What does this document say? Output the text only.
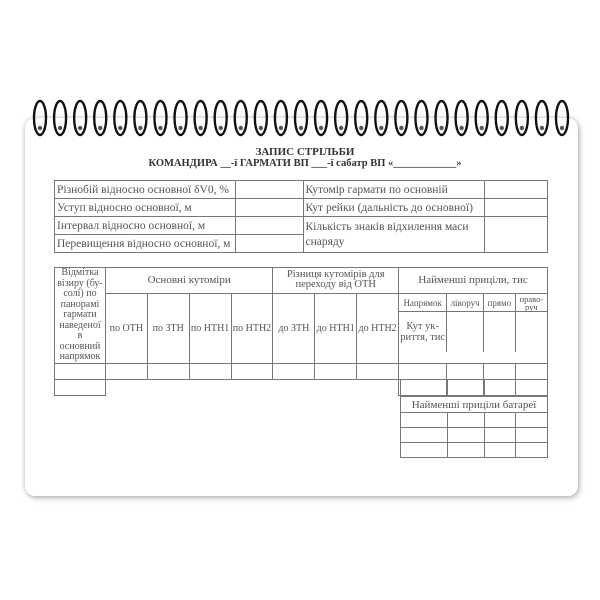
ЗАПИС СТРІЛЬБИ
КОМАНДИРА __-ї ГАРМАТИ ВП ___-ї сабатр ВП «____________»
Різнобій відносно основної δV0, %		Кутомір гармати по основній	
Уступ відносно основної, м		Кут рейки (дальність до основної)	
Інтервал відносно основної, м		Кількість знаків відхилення маси снаряду	
Перевищення відносно основної, м			
Відмітка візиру (бу-солі) по панорамі гармати наведеної в основний напрямок	Основні кутоміри	Різниця кутомірів для переходу від ОТН	Найменші приціли, тис
по ОТН	по ЗТН	по НТН1	по НТН2	до ЗТН	до НТН1	до НТН2	
Напрямок	ліворуч	прямо	право-руч
Кут ук-риття, тис			

Найменші приціли батареї			
